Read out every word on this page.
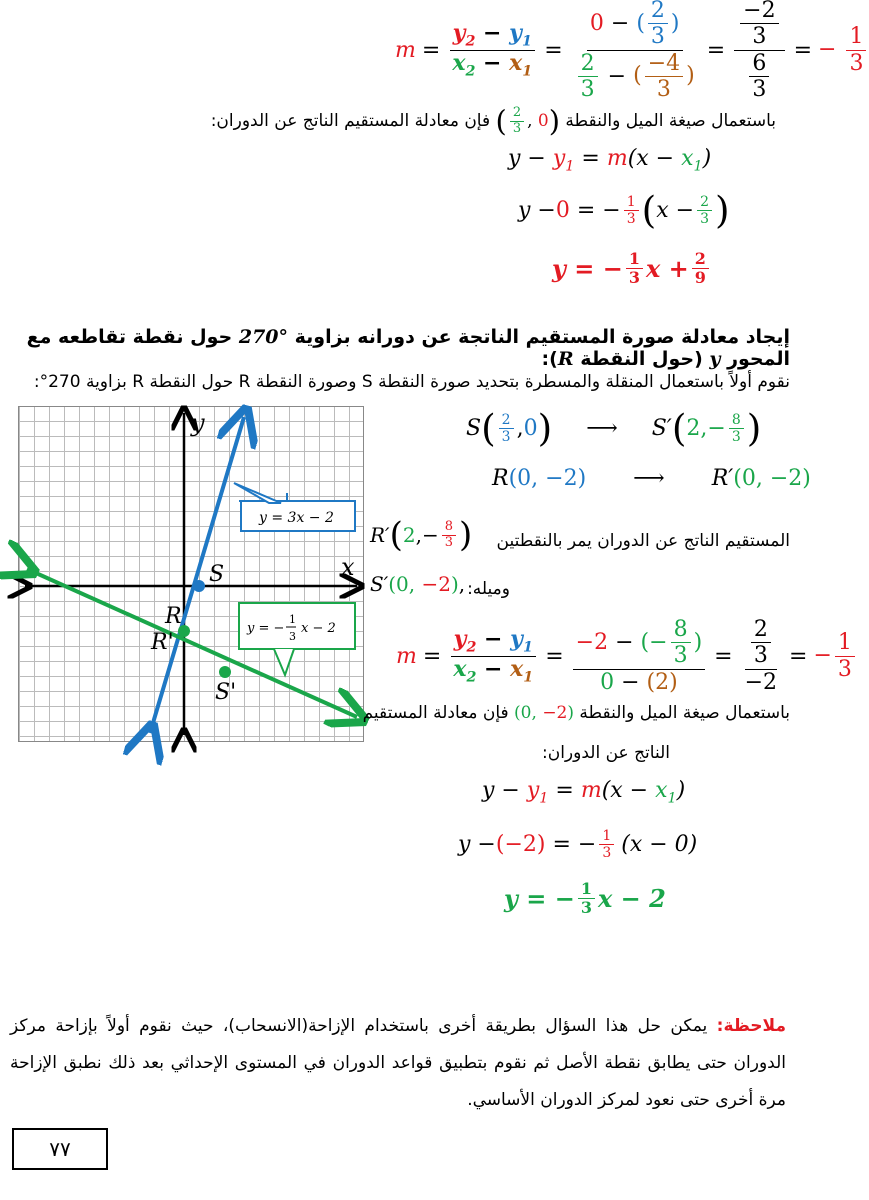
$m = \frac{y_2 - y_1}{x_2 - x_1} = \frac{0 - ( \frac{2}{3} )}{\frac{2}{3} - ( \frac{-4}{3} )} = \frac{\frac{-2}{3}}{\frac{6}{3}}$ = − $\frac{1}{3}$
باستعمال صيغة الميل والنقطة ( $\frac{2}{3}$ , 0) فإن معادلة المستقيم الناتج عن الدوران:
$y - y_1 = m(x - x_1)$
y − 0 = − $\frac{1}{3}$ ( $x - \frac{2}{3}$ )
y = − $\frac{1}{3}$ $x + \frac{2}{9}$
إيجاد معادلة صورة المستقيم الناتجة عن دورانه بزاوية 270° حول نقطة تقاطعه مع المحور y (حول النقطة R):
نقوم أولاً باستعمال المنقلة والمسطرة بتحديد صورة النقطة S وصورة النقطة R حول النقطة R بزاوية 270°:
x
y
S
R
R'
S'
y = 3x − 2
y = −
1
3
x − 2
S ( $\frac{2}{3}$ , 0 ) ⟶ S′ ( 2 ,− $\frac{8}{3}$ )
R(0, −2) ⟶ R′(0, −2)
المستقيم الناتج عن الدوران يمر بالنقطتين
R′ ( 2 ,− $\frac{8}{3}$ )
وميله:
S′(0, −2),
$m = \frac{y_2 - y_1}{x_2 - x_1} = \frac{-2 - (- \frac{8}{3} )}{0 - (2)} = \frac{\frac{2}{3}}{-2}$ = − $\frac{1}{3}$
باستعمال صيغة الميل والنقطة (0, −2) فإن معادلة المستقيم
الناتج عن الدوران:
$y - y_1 = m(x - x_1)$
y − (−2) = − $\frac{1}{3} (x - 0)$
y = − $\frac{1}{3}$ x − 2
ملاحظة: يمكن حل هذا السؤال بطريقة أخرى باستخدام الإزاحة(الانسحاب)، حيث نقوم أولاً بإزاحة مركز الدوران حتى يطابق نقطة الأصل ثم نقوم بتطبيق قواعد الدوران في المستوى الإحداثي بعد ذلك نطبق الإزاحة مرة أخرى حتى نعود لمركز الدوران الأساسي.
٧٧
